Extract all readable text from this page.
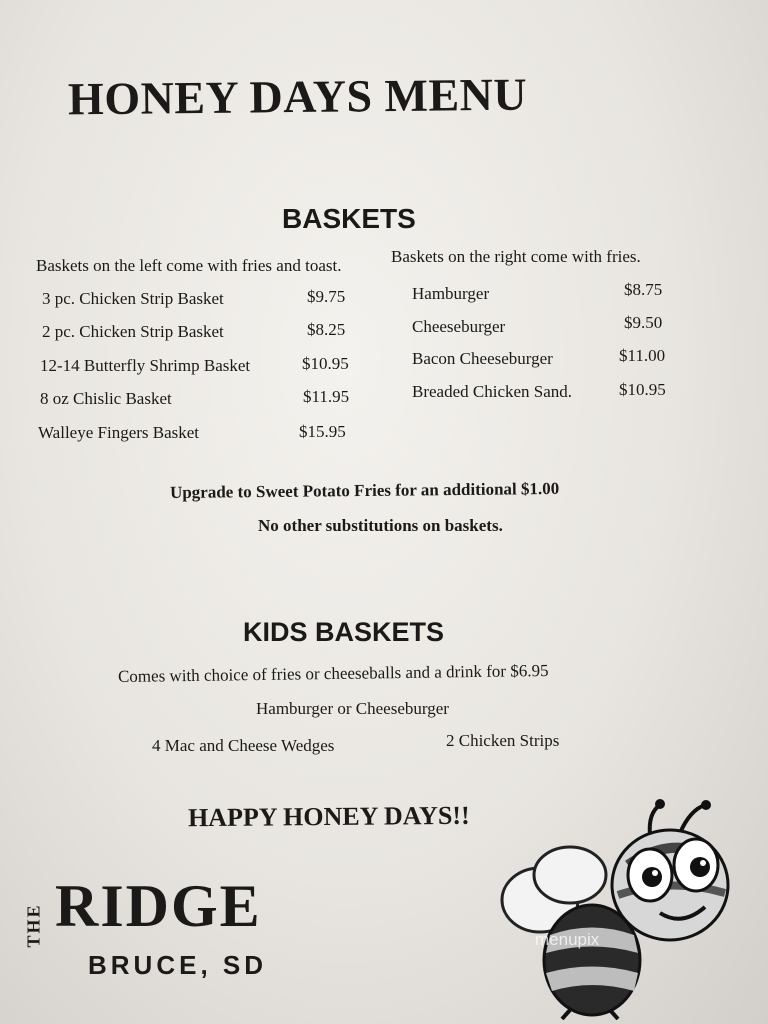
HONEY DAYS MENU
BASKETS
Baskets on the left come with fries and toast.	Baskets on the right come with fries.
3 pc. Chicken Strip Basket	$9.75
2 pc. Chicken Strip Basket	$8.25
12-14 Butterfly Shrimp Basket	$10.95
8 oz Chislic Basket	$11.95
Walleye Fingers Basket	$15.95
Hamburger	$8.75
Cheeseburger	$9.50
Bacon Cheeseburger	$11.00
Breaded Chicken Sand.	$10.95
Upgrade to Sweet Potato Fries for an additional $1.00
No other substitutions on baskets.
KIDS BASKETS
Comes with choice of fries or cheeseballs and a drink for $6.95
Hamburger or Cheeseburger
4 Mac and Cheese Wedges	2 Chicken Strips
HAPPY HONEY DAYS!!
THE RIDGE
BRUCE, SD
menupix
